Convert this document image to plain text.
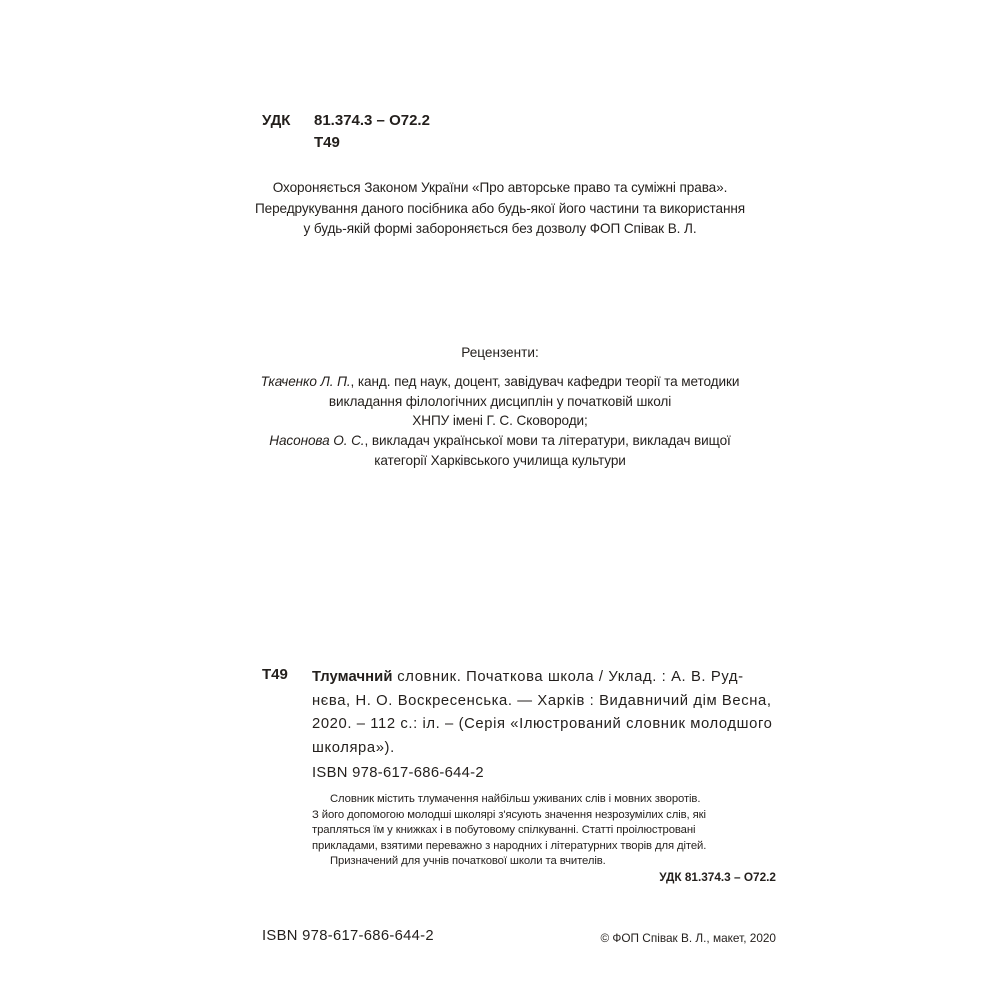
УДК 81.374.3 – О72.2
Т49
Охороняється Законом України «Про авторське право та суміжні права».
Передрукування даного посібника або будь-якої його частини та використання
у будь-якій формі забороняється без дозволу ФОП Співак В. Л.
Рецензенти:
Ткаченко Л. П., канд. пед наук, доцент, завідувач кафедри теорії та методики
викладання філологічних дисциплін у початковій школі
ХНПУ імені Г. С. Сковороди;
Насонова О. С., викладач української мови та літератури, викладач вищої
категорії Харківського училища культури
Т49 Тлумачний словник. Початкова школа / Уклад. : А. В. Руд-
нєва, Н. О. Воскресенська. — Харків : Видавничий дім Весна,
2020. – 112 с.: іл. – (Серія «Ілюстрований словник молодшого
школяра»).
ISBN 978-617-686-644-2

Словник містить тлумачення найбільш уживаних слів і мовних зворотів.

З його допомогою молодші школярі з'ясують значення незрозумілих слів, які

трапляться їм у книжках і в побутовому спілкуванні. Статті проілюстровані

прикладами, взятими переважно з народних і літературних творів для дітей.

Призначений для учнів початкової школи та вчителів.

УДК 81.374.3 – О72.2
ISBN 978-617-686-644-2	© ФОП Співак В. Л., макет, 2020
